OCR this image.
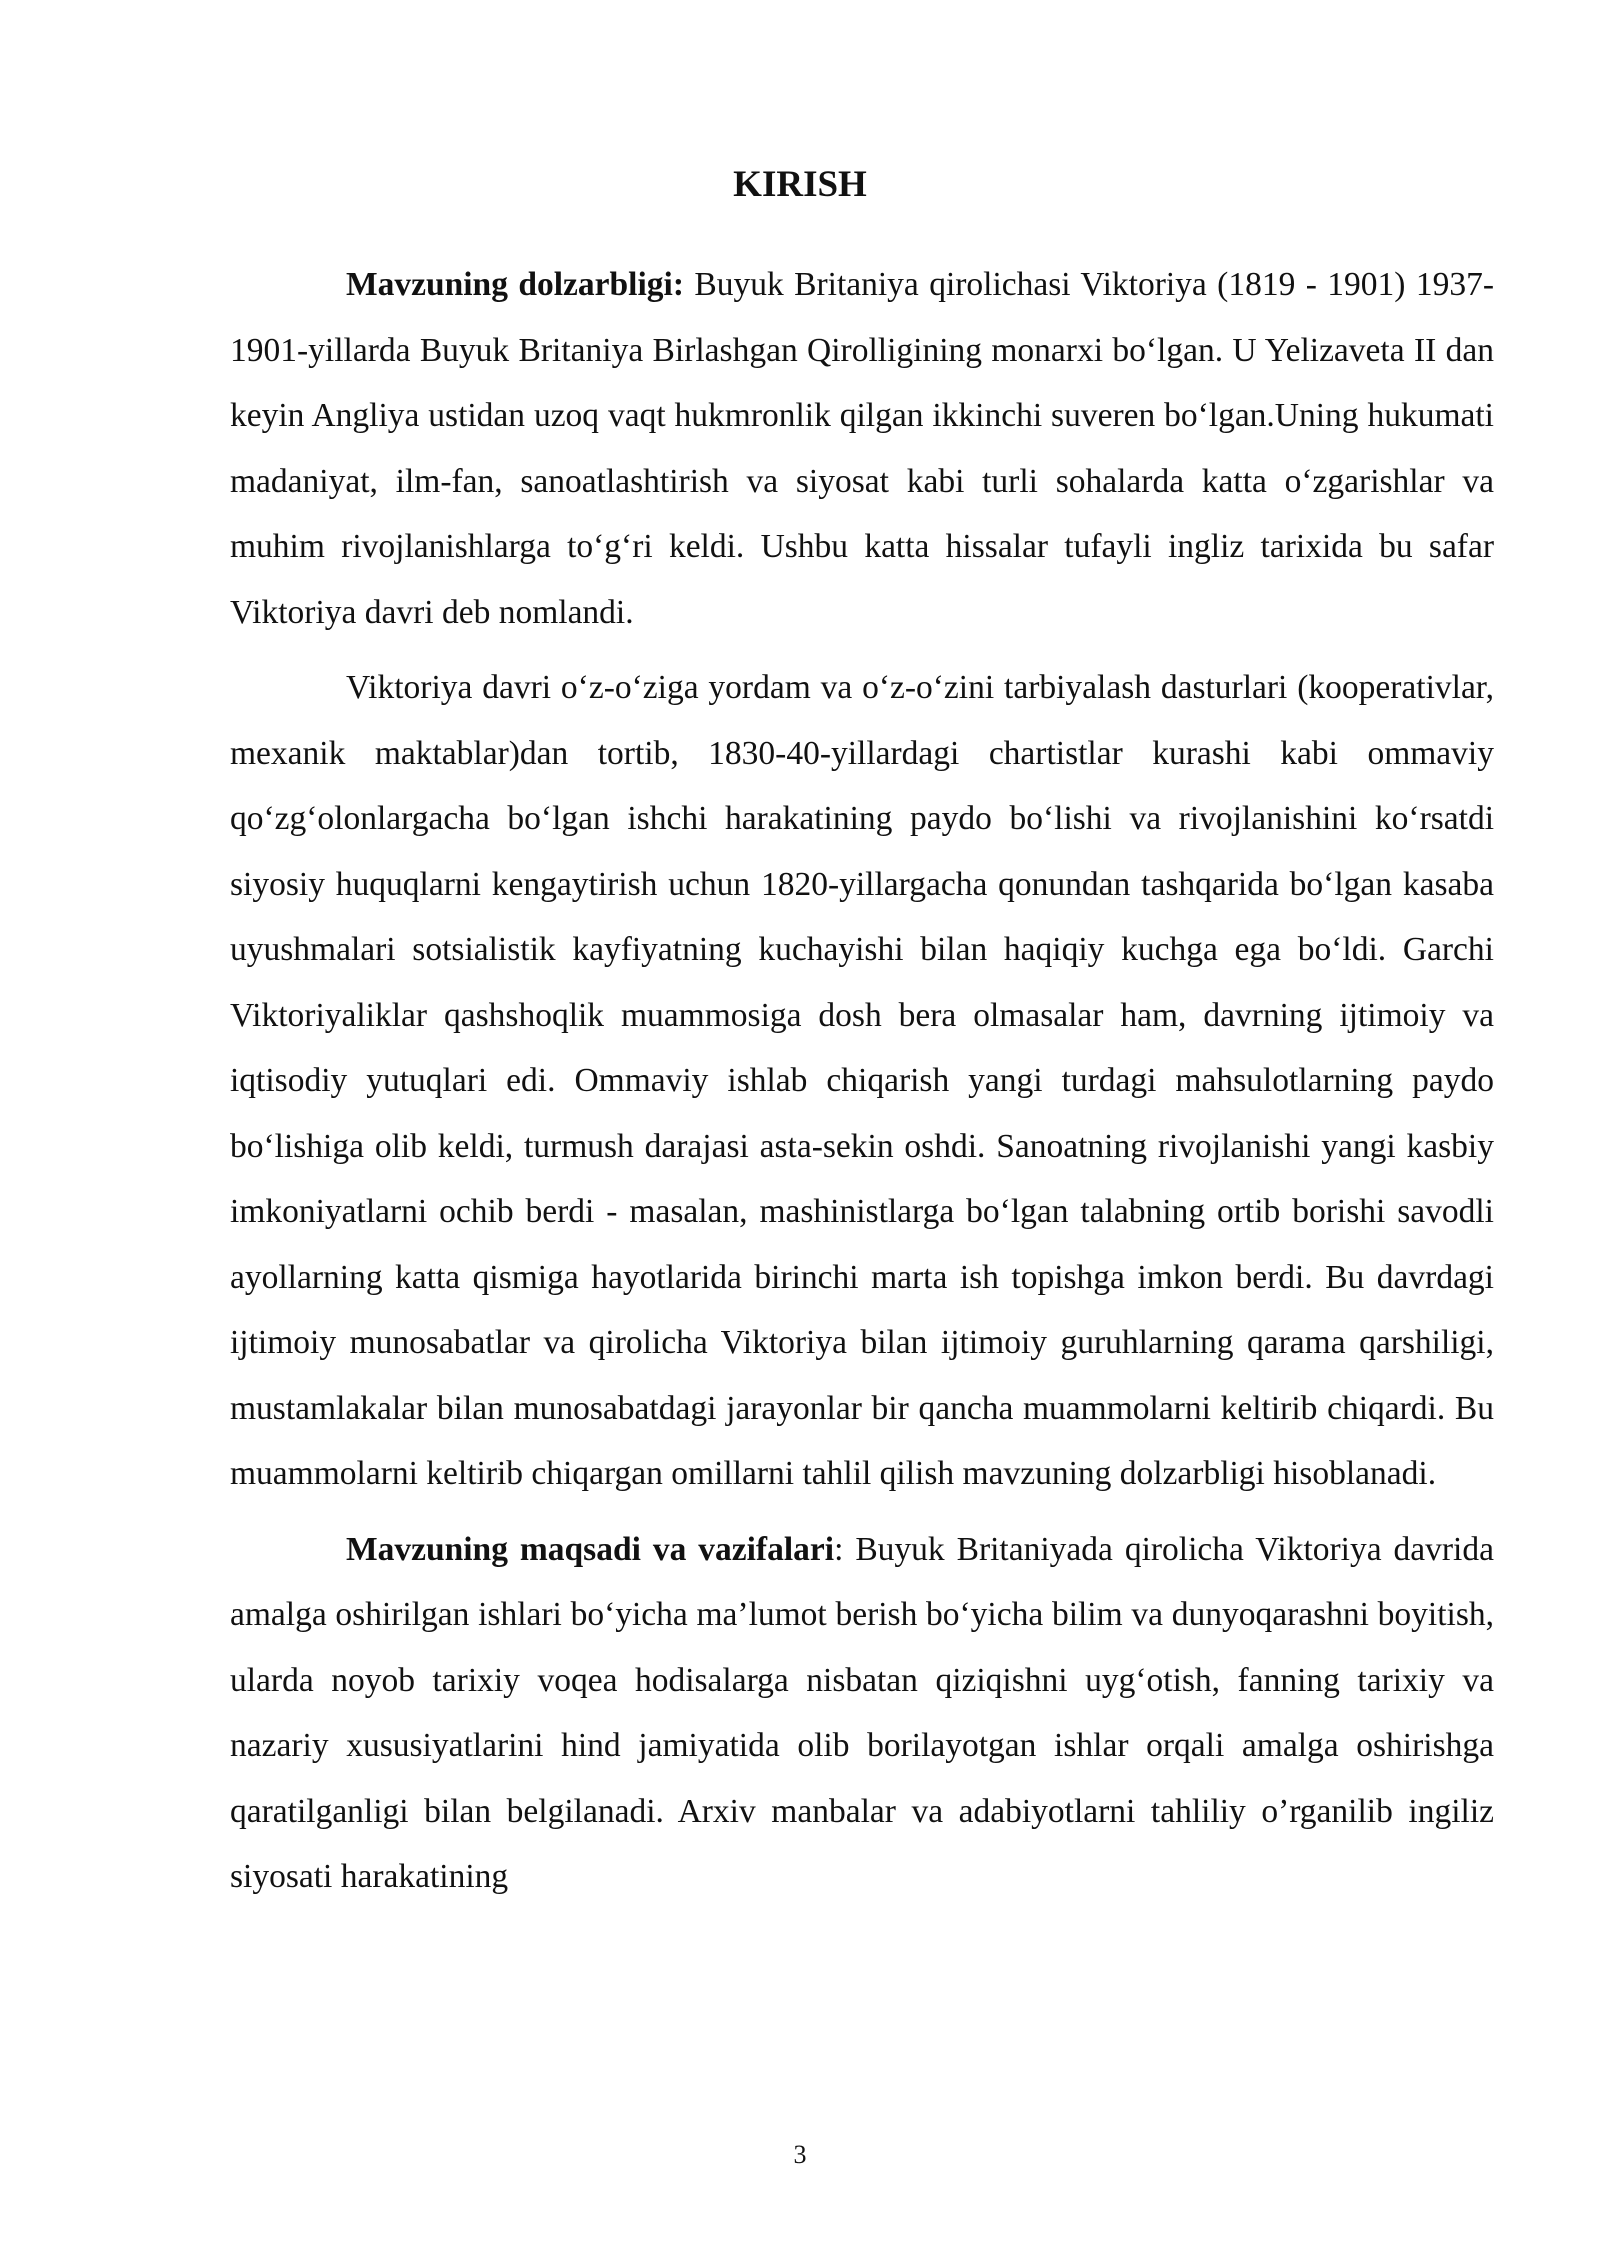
KIRISH

Mavzuning dolzarbligi: Buyuk Britaniya qirolichasi Viktoriya (1819 - 1901) 1937-1901-yillarda Buyuk Britaniya Birlashgan Qirolligining monarxi bo‘lgan. U Yelizaveta II dan keyin Angliya ustidan uzoq vaqt hukmronlik qilgan ikkinchi suveren bo‘lgan.Uning hukumati madaniyat, ilm-fan, sanoatlashtirish va siyosat kabi turli sohalarda katta o‘zgarishlar va muhim rivojlanishlarga to‘g‘ri keldi. Ushbu katta hissalar tufayli ingliz tarixida bu safar Viktoriya davri deb nomlandi.

Viktoriya davri o‘z-o‘ziga yordam va o‘z-o‘zini tarbiyalash dasturlari (kooperativlar, mexanik maktablar)dan tortib, 1830-40-yillardagi chartistlar kurashi kabi ommaviy qo‘zg‘olonlargacha bo‘lgan ishchi harakatining paydo bo‘lishi va rivojlanishini ko‘rsatdi siyosiy huquqlarni kengaytirish uchun 1820-yillargacha qonundan tashqarida bo‘lgan kasaba uyushmalari sotsialistik kayfiyatning kuchayishi bilan haqiqiy kuchga ega bo‘ldi. Garchi Viktoriyaliklar qashshoqlik muammosiga dosh bera olmasalar ham, davrning ijtimoiy va iqtisodiy yutuqlari edi. Ommaviy ishlab chiqarish yangi turdagi mahsulotlarning paydo bo‘lishiga olib keldi, turmush darajasi asta-sekin oshdi. Sanoatning rivojlanishi yangi kasbiy imkoniyatlarni ochib berdi - masalan, mashinistlarga bo‘lgan talabning ortib borishi savodli ayollarning katta qismiga hayotlarida birinchi marta ish topishga imkon berdi. Bu davrdagi ijtimoiy munosabatlar va qirolicha Viktoriya bilan ijtimoiy guruhlarning qarama qarshiligi, mustamlakalar bilan munosabatdagi jarayonlar bir qancha muammolarni keltirib chiqardi. Bu muammolarni keltirib chiqargan omillarni tahlil qilish mavzuning dolzarbligi hisoblanadi.

Mavzuning maqsadi va vazifalari: Buyuk Britaniyada qirolicha Viktoriya davrida amalga oshirilgan ishlari bo‘yicha ma’lumot berish bo‘yicha bilim va dunyoqarashni boyitish, ularda noyob tarixiy voqea hodisalarga nisbatan qiziqishni uyg‘otish, fanning tarixiy va nazariy xususiyatlarini hind jamiyatida olib borilayotgan ishlar orqali amalga oshirishga qaratilganligi bilan belgilanadi. Arxiv manbalar va adabiyotlarni tahliliy o’rganilib ingiliz siyosati harakatining

3
